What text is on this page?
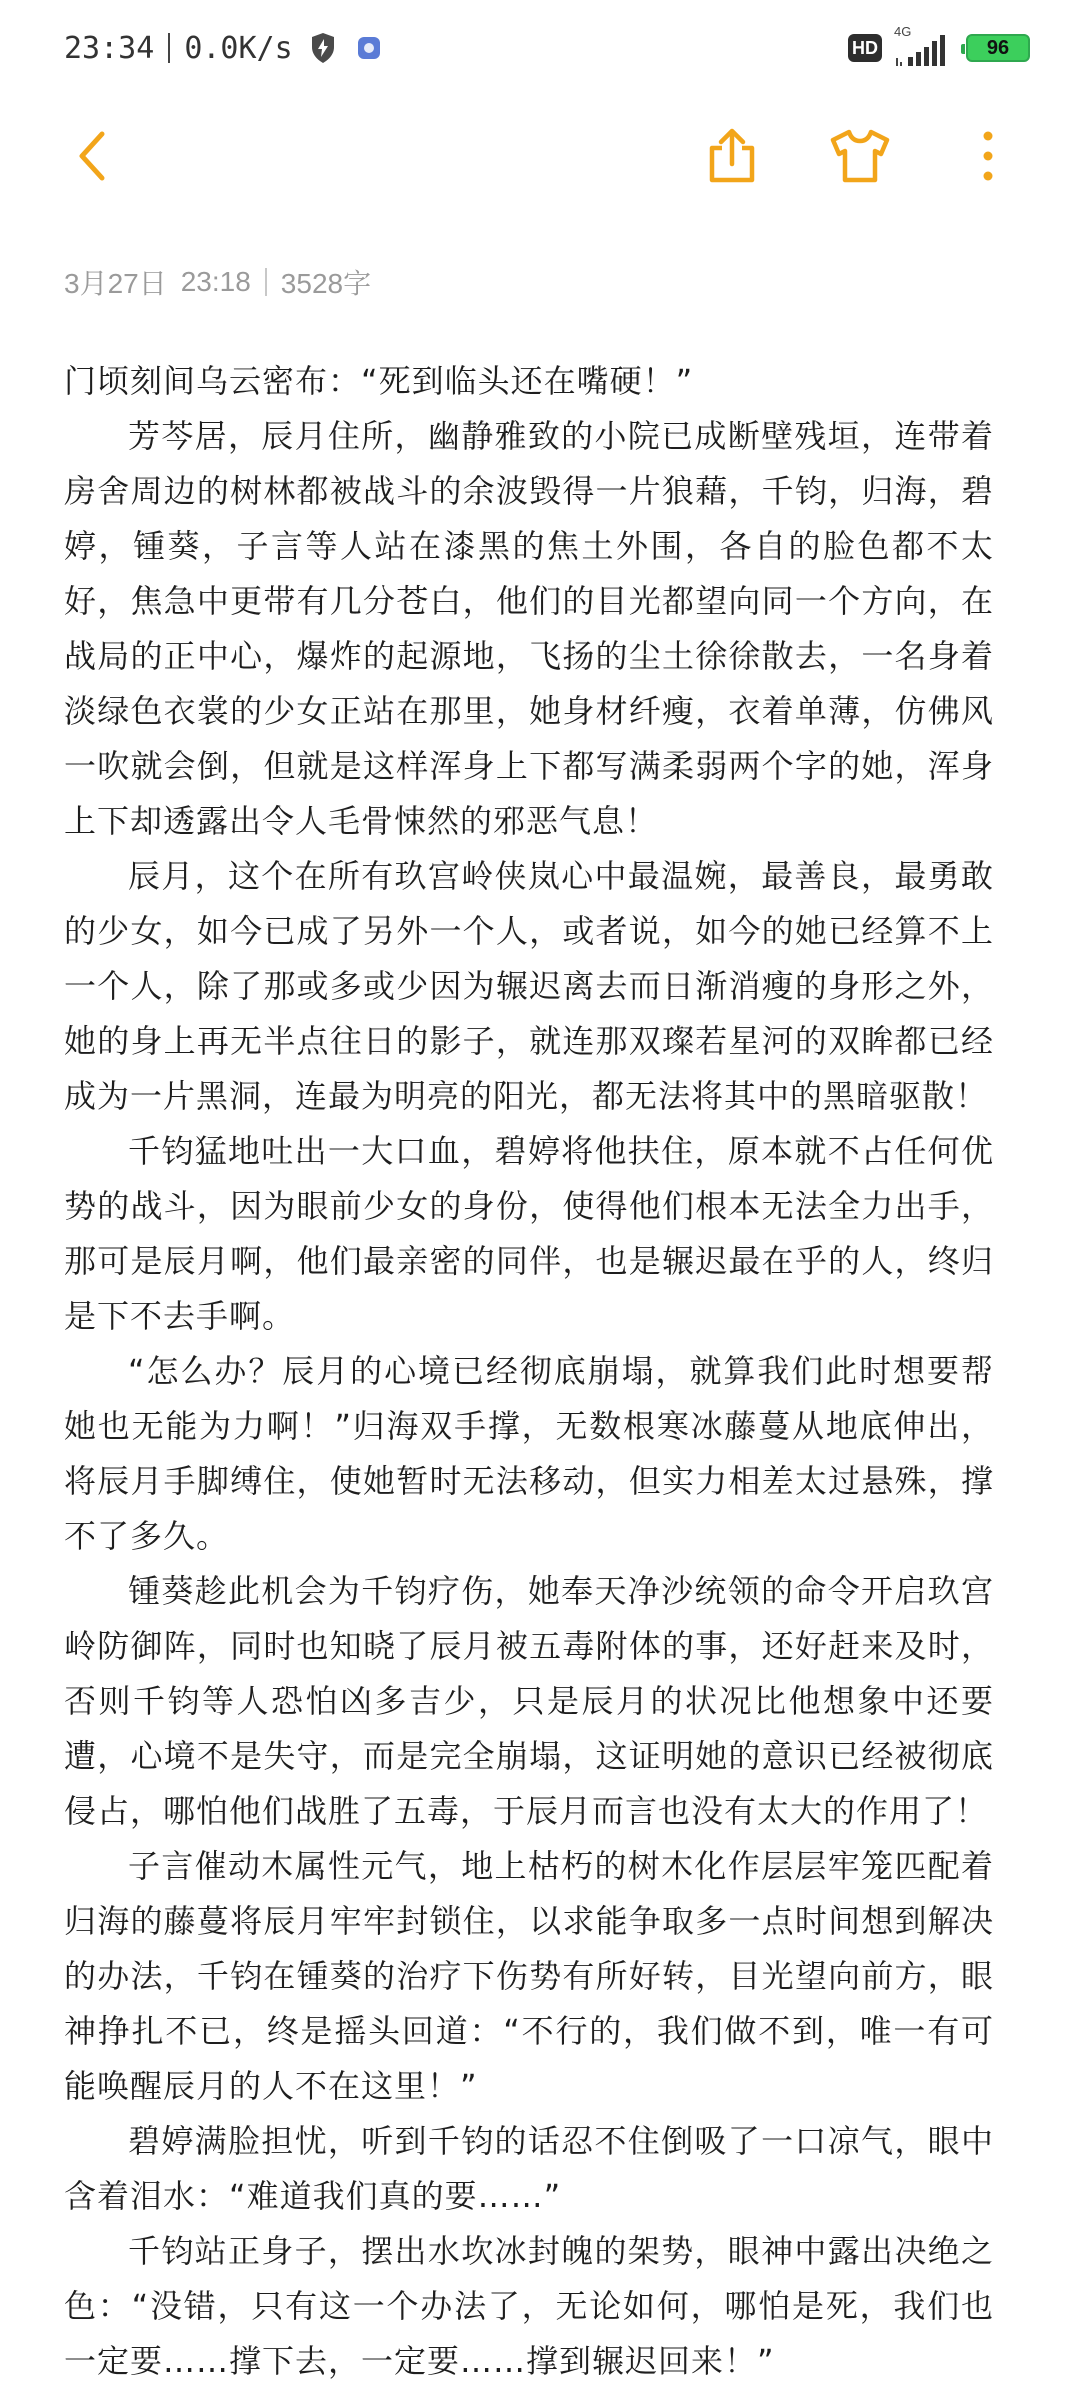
23:34 0.0K/s	HD
4G
96
3月27日 23:18 3528字

门顷刻间乌云密布：“死到临头还在嘴硬！”

芳芩居，辰月住所，幽静雅致的小院已成断壁残垣，连带着房舍周边的树林都被战斗的余波毁得一片狼藉，千钧，归海，碧婷，锺葵，子言等人站在漆黑的焦土外围，各自的脸色都不太好，焦急中更带有几分苍白，他们的目光都望向同一个方向，在战局的正中心，爆炸的起源地，飞扬的尘土徐徐散去，一名身着淡绿色衣裳的少女正站在那里，她身材纤瘦，衣着单薄，仿佛风一吹就会倒，但就是这样浑身上下都写满柔弱两个字的她，浑身上下却透露出令人毛骨悚然的邪恶气息！

辰月，这个在所有玖宫岭侠岚心中最温婉，最善良，最勇敢的少女，如今已成了另外一个人，或者说，如今的她已经算不上一个人，除了那或多或少因为辗迟离去而日渐消瘦的身形之外，她的身上再无半点往日的影子，就连那双璨若星河的双眸都已经成为一片黑洞，连最为明亮的阳光，都无法将其中的黑暗驱散！

千钧猛地吐出一大口血，碧婷将他扶住，原本就不占任何优势的战斗，因为眼前少女的身份，使得他们根本无法全力出手，那可是辰月啊，他们最亲密的同伴，也是辗迟最在乎的人，终归是下不去手啊。

“怎么办？辰月的心境已经彻底崩塌，就算我们此时想要帮她也无能为力啊！”归海双手撑，无数根寒冰藤蔓从地底伸出，将辰月手脚缚住，使她暂时无法移动，但实力相差太过悬殊，撑不了多久。

锺葵趁此机会为千钧疗伤，她奉天净沙统领的命令开启玖宫岭防御阵，同时也知晓了辰月被五毒附体的事，还好赶来及时，否则千钧等人恐怕凶多吉少，只是辰月的状况比他想象中还要遭，心境不是失守，而是完全崩塌，这证明她的意识已经被彻底侵占，哪怕他们战胜了五毒，于辰月而言也没有太大的作用了！

子言催动木属性元气，地上枯朽的树木化作层层牢笼匹配着归海的藤蔓将辰月牢牢封锁住，以求能争取多一点时间想到解决的办法，千钧在锺葵的治疗下伤势有所好转，目光望向前方，眼神挣扎不已，终是摇头回道：“不行的，我们做不到，唯一有可能唤醒辰月的人不在这里！”

碧婷满脸担忧，听到千钧的话忍不住倒吸了一口凉气，眼中含着泪水：“难道我们真的要……”

千钧站正身子，摆出水坎冰封魄的架势，眼神中露出决绝之色：“没错，只有这一个办法了，无论如何，哪怕是死，我们也一定要……撑下去，一定要……撑到辗迟回来！”
